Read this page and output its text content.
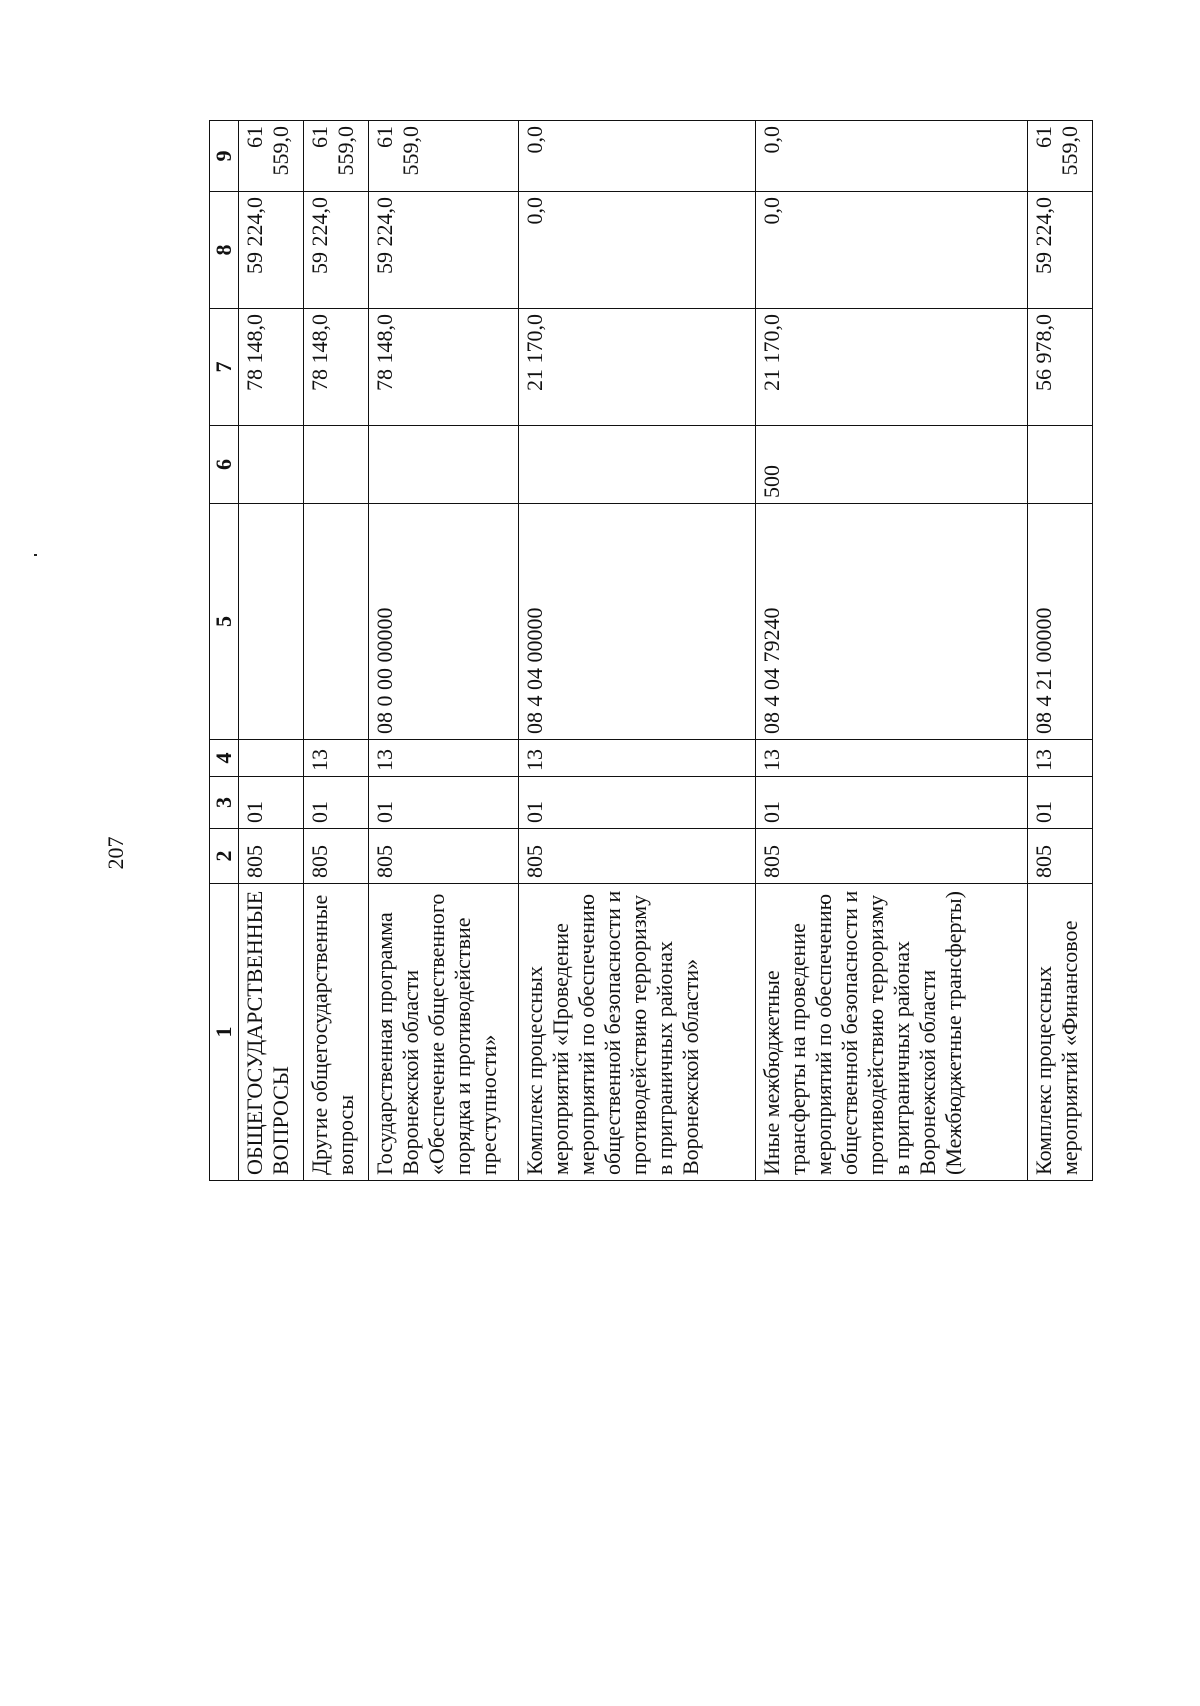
207
1	2	3	4	5	6	7	8	9
ОБЩЕГОСУДАРСТВЕННЫЕ ВОПРОСЫ	805	01				78 148,0	59 224,0	61 559,0
Другие общегосударственные вопросы	805	01	13			78 148,0	59 224,0	61 559,0
Государственная программа Воронежской области «Обеспечение общественного порядка и противодействие преступности»	805	01	13	08 0 00 00000		78 148,0	59 224,0	61 559,0
Комплекс процессных мероприятий «Проведение мероприятий по обеспечению общественной безопасности и противодействию терроризму в приграничных районах Воронежской области»	805	01	13	08 4 04 00000		21 170,0	0,0	0,0
Иные межбюджетные трансферты на проведение мероприятий по обеспечению общественной безопасности и противодействию терроризму в приграничных районах Воронежской области (Межбюджетные трансферты)	805	01	13	08 4 04 79240	500	21 170,0	0,0	0,0
Комплекс процессных мероприятий «Финансовое	805	01	13	08 4 21 00000		56 978,0	59 224,0	61 559,0
